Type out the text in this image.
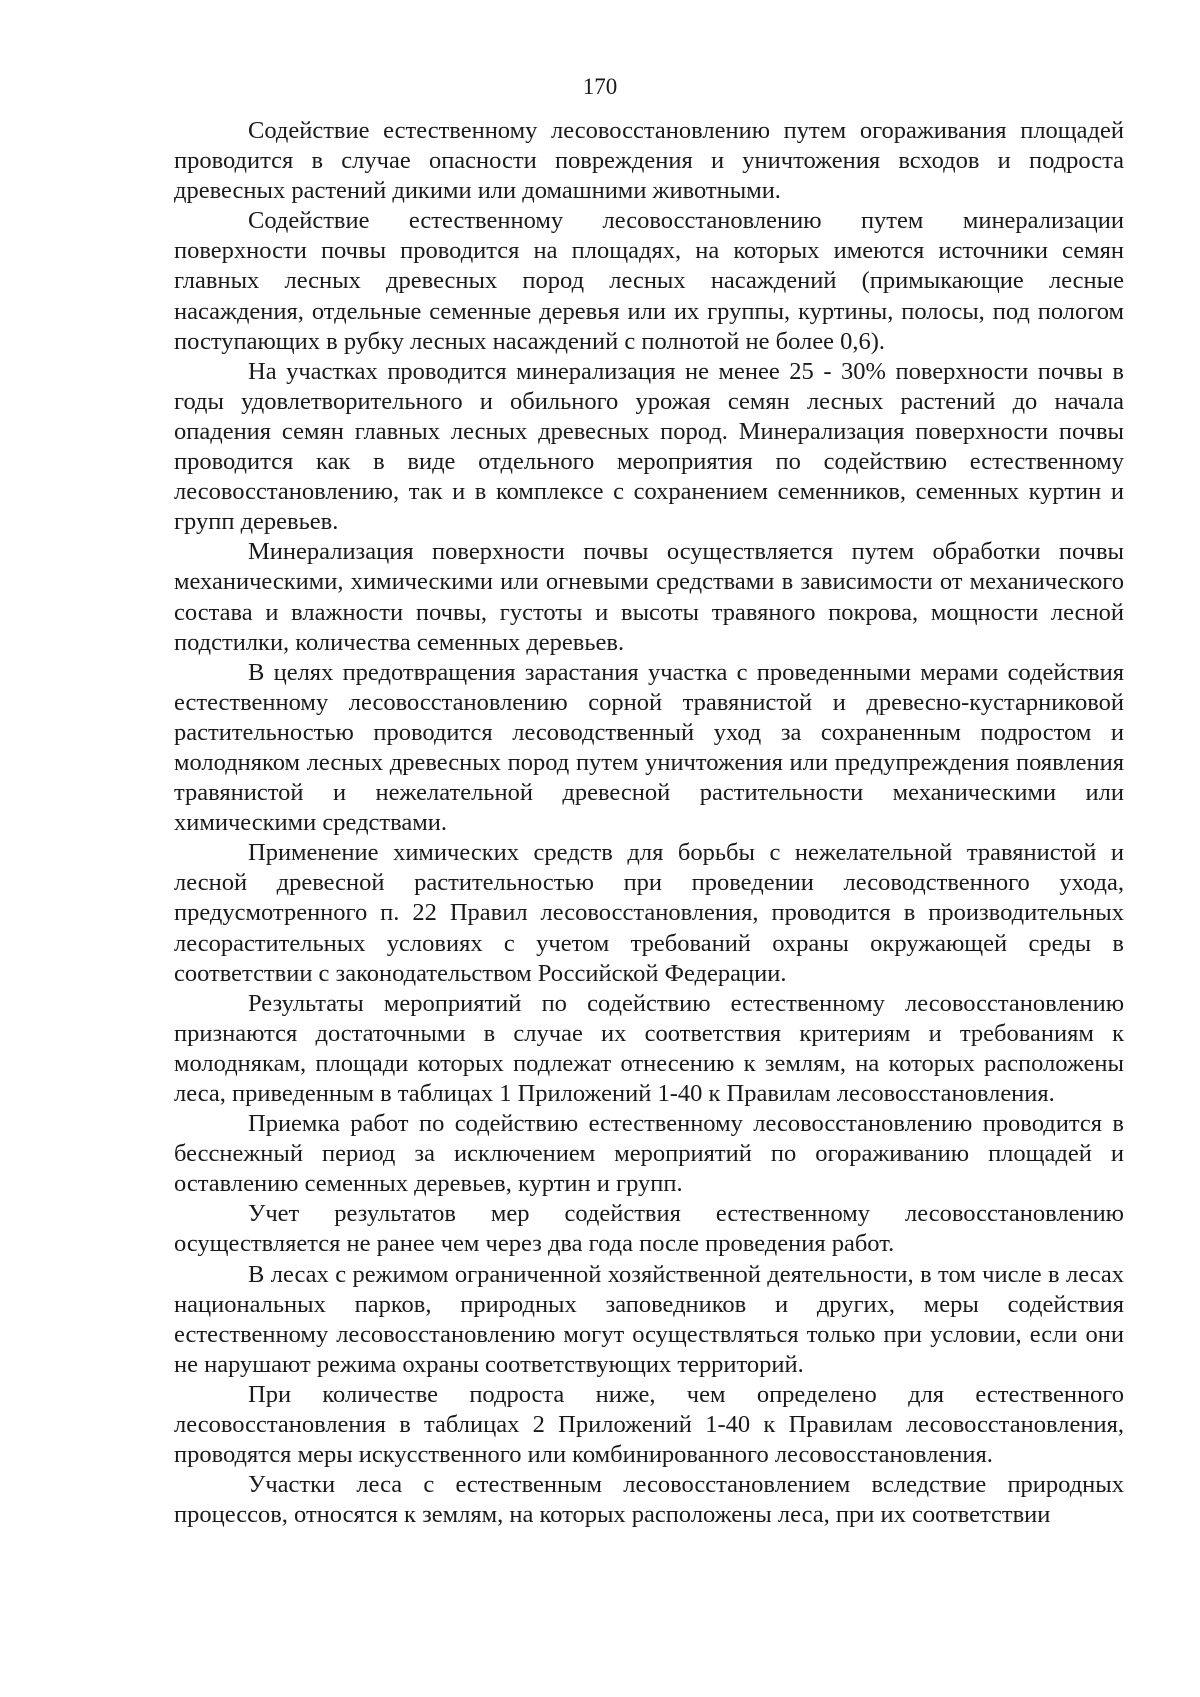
170

Содействие естественному лесовосстановлению путем огораживания площадей проводится в случае опасности повреждения и уничтожения всходов и подроста древесных растений дикими или домашними животными.

Содействие естественному лесовосстановлению путем минерализации поверхности почвы проводится на площадях, на которых имеются источники семян главных лесных древесных пород лесных насаждений (примыкающие лесные насаждения, отдельные семенные деревья или их группы, куртины, полосы, под пологом поступающих в рубку лесных насаждений с полнотой не более 0,6).

На участках проводится минерализация не менее 25 - 30% поверхности почвы в годы удовлетворительного и обильного урожая семян лесных растений до начала опадения семян главных лесных древесных пород. Минерализация поверхности почвы проводится как в виде отдельного мероприятия по содействию естественному лесовосстановлению, так и в комплексе с сохранением семенников, семенных куртин и групп деревьев.

Минерализация поверхности почвы осуществляется путем обработки почвы механическими, химическими или огневыми средствами в зависимости от механического состава и влажности почвы, густоты и высоты травяного покрова, мощности лесной подстилки, количества семенных деревьев.

В целях предотвращения зарастания участка с проведенными мерами содействия естественному лесовосстановлению сорной травянистой и древесно-кустарниковой растительностью проводится лесоводственный уход за сохраненным подростом и молодняком лесных древесных пород путем уничтожения или предупреждения появления травянистой и нежелательной древесной растительности механическими или химическими средствами.

Применение химических средств для борьбы с нежелательной травянистой и лесной древесной растительностью при проведении лесоводственного ухода, предусмотренного п. 22 Правил лесовосстановления, проводится в производительных лесорастительных условиях с учетом требований охраны окружающей среды в соответствии с законодательством Российской Федерации.

Результаты мероприятий по содействию естественному лесовосстановлению признаются достаточными в случае их соответствия критериям и требованиям к молоднякам, площади которых подлежат отнесению к землям, на которых расположены леса, приведенным в таблицах 1 Приложений 1-40 к Правилам лесовосстановления.

Приемка работ по содействию естественному лесовосстановлению проводится в бесснежный период за исключением мероприятий по огораживанию площадей и оставлению семенных деревьев, куртин и групп.

Учет результатов мер содействия естественному лесовосстановлению осуществляется не ранее чем через два года после проведения работ.

В лесах с режимом ограниченной хозяйственной деятельности, в том числе в лесах национальных парков, природных заповедников и других, меры содействия естественному лесовосстановлению могут осуществляться только при условии, если они не нарушают режима охраны соответствующих территорий.

При количестве подроста ниже, чем определено для естественного лесовосстановления в таблицах 2 Приложений 1-40 к Правилам лесовосстановления, проводятся меры искусственного или комбинированного лесовосстановления.

Участки леса с естественным лесовосстановлением вследствие природных процессов, относятся к землям, на которых расположены леса, при их соответствии
